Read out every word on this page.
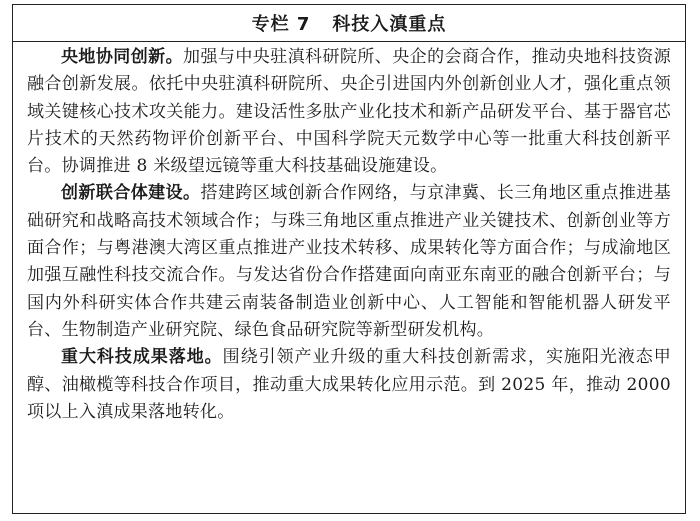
专栏 7 科技入滇重点

央地协同创新。加强与中央驻滇科研院所、央企的会商合作，推动央地科技资源融合创新发展。依托中央驻滇科研院所、央企引进国内外创新创业人才，强化重点领域关键核心技术攻关能力。建设活性多肽产业化技术和新产品研发平台、基于器官芯片技术的天然药物评价创新平台、中国科学院天元数学中心等一批重大科技创新平台。协调推进 8 米级望远镜等重大科技基础设施建设。

创新联合体建设。搭建跨区域创新合作网络，与京津冀、长三角地区重点推进基础研究和战略高技术领域合作；与珠三角地区重点推进产业关键技术、创新创业等方面合作；与粤港澳大湾区重点推进产业技术转移、成果转化等方面合作；与成渝地区加强互融性科技交流合作。与发达省份合作搭建面向南亚东南亚的融合创新平台；与国内外科研实体合作共建云南装备制造业创新中心、人工智能和智能机器人研发平台、生物制造产业研究院、绿色食品研究院等新型研发机构。

重大科技成果落地。围绕引领产业升级的重大科技创新需求，实施阳光液态甲醇、油橄榄等科技合作项目，推动重大成果转化应用示范。到 2025 年，推动 2000 项以上入滇成果落地转化。
